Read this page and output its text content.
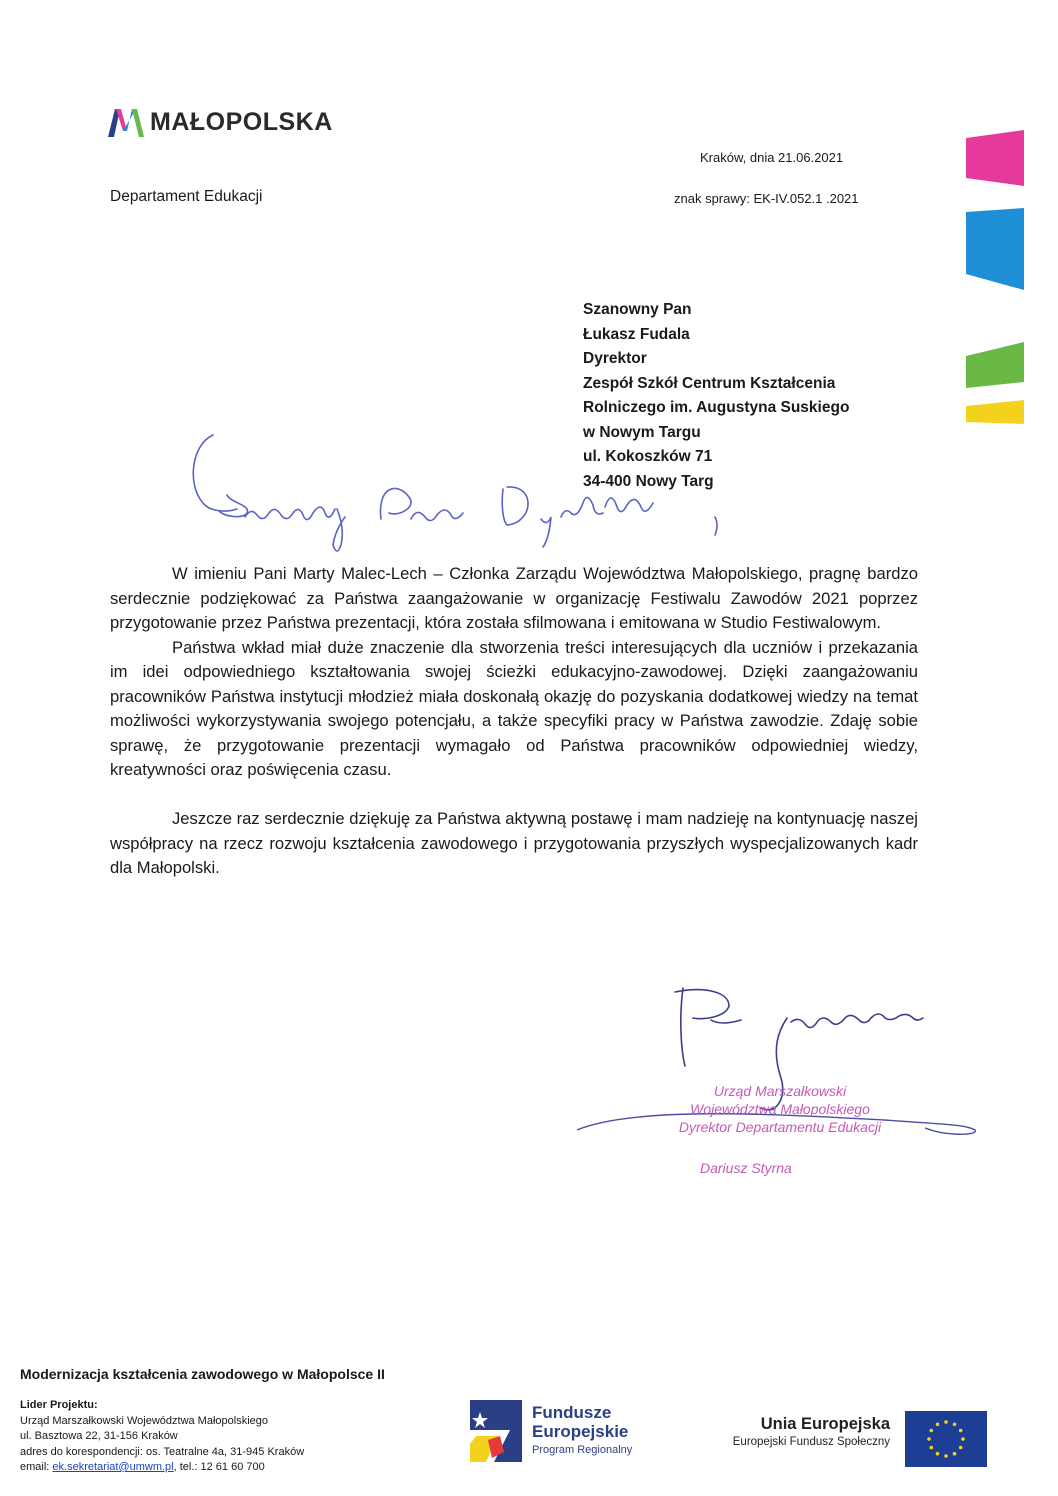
MAŁOPOLSKA
Kraków, dnia 21.06.2021
Departament Edukacji	znak sprawy: EK-IV.052.1 .2021
Szanowny Pan
Łukasz Fudala
Dyrektor
Zespół Szkół Centrum Kształcenia
Rolniczego im. Augustyna Suskiego
w Nowym Targu
ul. Kokoszków 71
34-400 Nowy Targ

W imieniu Pani Marty Malec-Lech – Członka Zarządu Województwa Małopolskiego, pragnę bardzo serdecznie podziękować za Państwa zaangażowanie w organizację Festiwalu Zawodów 2021 poprzez przygotowanie przez Państwa prezentacji, która została sfilmowana i emitowana w Studio Festiwalowym.

Państwa wkład miał duże znaczenie dla stworzenia treści interesujących dla uczniów i przekazania im idei odpowiedniego kształtowania swojej ścieżki edukacyjno-zawodowej. Dzięki zaangażowaniu pracowników Państwa instytucji młodzież miała doskonałą okazję do pozyskania dodatkowej wiedzy na temat możliwości wykorzystywania swojego potencjału, a także specyfiki pracy w Państwa zawodzie. Zdaję sobie sprawę, że przygotowanie prezentacji wymagało od Państwa pracowników odpowiedniej wiedzy, kreatywności oraz poświęcenia czasu.

Jeszcze raz serdecznie dziękuję za Państwa aktywną postawę i mam nadzieję na kontynuację naszej współpracy na rzecz rozwoju kształcenia zawodowego i przygotowania przyszłych wyspecjalizowanych kadr dla Małopolski.

Urząd Marszałkowski
Województwa Małopolskiego
Dyrektor Departamentu Edukacji
Dariusz Styrna
Modernizacja kształcenia zawodowego w Małopolsce II
Lider Projektu:
Urząd Marszałkowski Województwa Małopolskiego
ul. Basztowa 22, 31-156 Kraków
adres do korespondencji: os. Teatralne 4a, 31-945 Kraków
email: ek.sekretariat@umwm.pl, tel.: 12 61 60 700
Fundusze
Europejskie
Program Regionalny
Unia Europejska
Europejski Fundusz Społeczny
